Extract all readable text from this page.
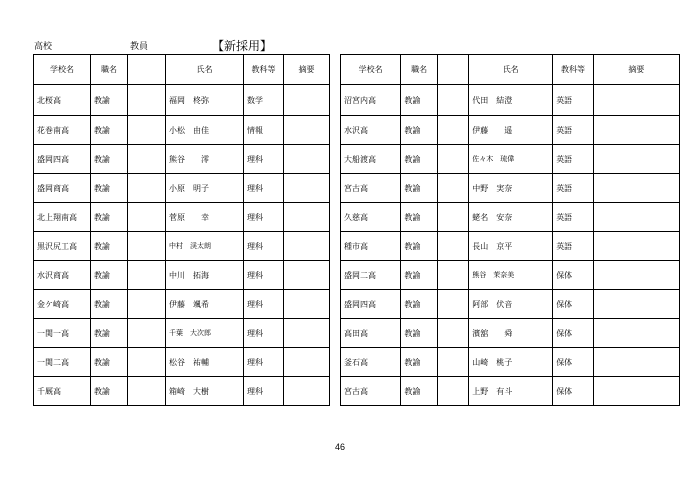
高校	教員	【新採用】
学校名	職名		氏名	教科等	摘要
北桜高	教諭		福岡　柊弥	数学	
花巻南高	教諭		小松　由佳	情報	
盛岡四高	教諭		熊谷　　澪	理科	
盛岡商高	教諭		小原　明子	理科	
北上翔南高	教諭		菅原　　幸	理科	
黒沢尻工高	教諭		中村　渓太朗	理科	
水沢商高	教諭		中川　拓海	理科	
金ケ崎高	教諭		伊藤　颯希	理科	
一関一高	教諭		千葉　大次郎	理科	
一関二高	教諭		松谷　祐輔	理科	
千厩高	教諭		箱崎　大樹	理科	
学校名	職名		氏名	教科等	摘要
沼宮内高	教諭		代田　結澄	英語	
水沢高	教諭		伊藤　　遥	英語	
大船渡高	教諭		佐々木　琉偉	英語	
宮古高	教諭		中野　実奈	英語	
久慈高	教諭		蛯名　安奈	英語	
種市高	教諭		長山　京平	英語	
盛岡二高	教諭		熊谷　茉奈美	保体	
盛岡四高	教諭		阿部　伏音	保体	
高田高	教諭		濱舘　　舜	保体	
釜石高	教諭		山崎　桃子	保体	
宮古高	教諭		上野　有斗	保体	
46
